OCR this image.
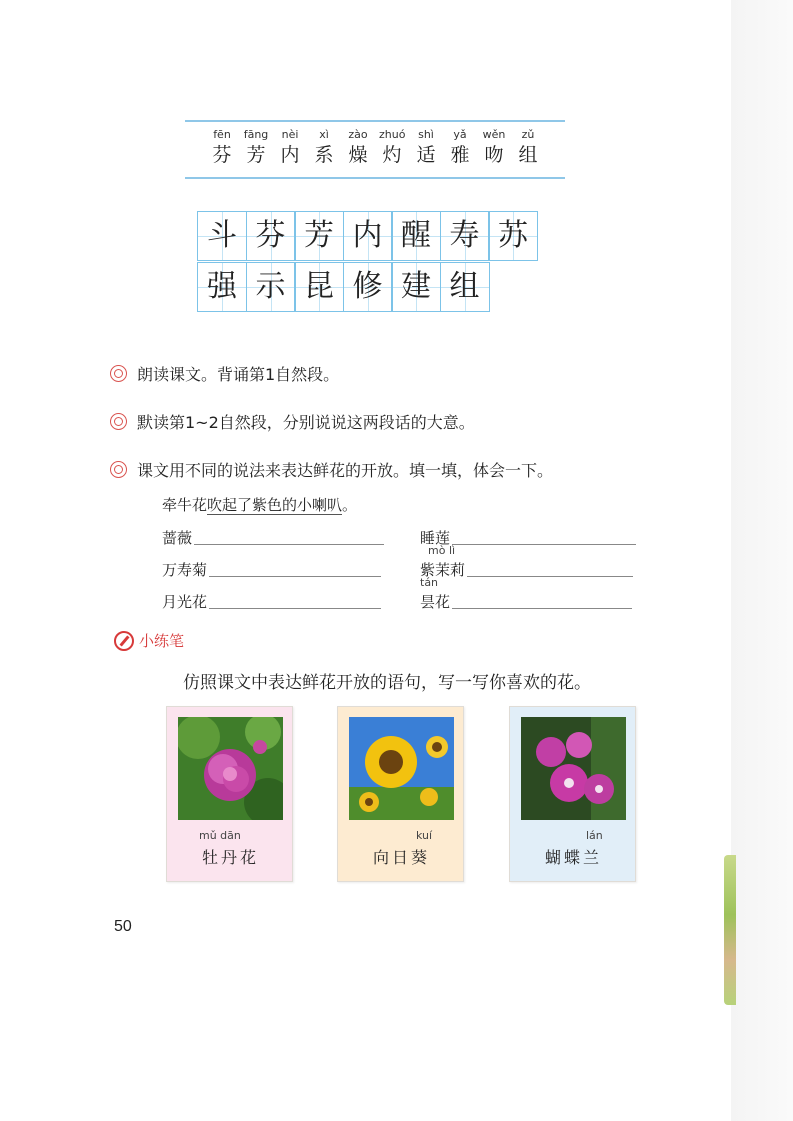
fēn
芬
fāng
芳
nèi
内
xì
系
zào
燥
zhuó
灼
shì
适
yǎ
雅
wěn
吻
zǔ
组
斗 芬 芳 内 醒 寿 苏
强 示 昆 修 建 组
朗读课文。背诵第1自然段。
默读第1~2自然段，分别说说这两段话的大意。
课文用不同的说法来表达鲜花的开放。填一填，体会一下。
牵牛花吹起了紫色的小喇叭。
蔷薇	睡莲
万寿菊
mò lì
紫茉莉
月光花
tán
昙花
小练笔
仿照课文中表达鲜花开放的语句，写一写你喜欢的花。
mǔ dān
牡丹花
kuí
向日葵
lán
蝴蝶兰
50
